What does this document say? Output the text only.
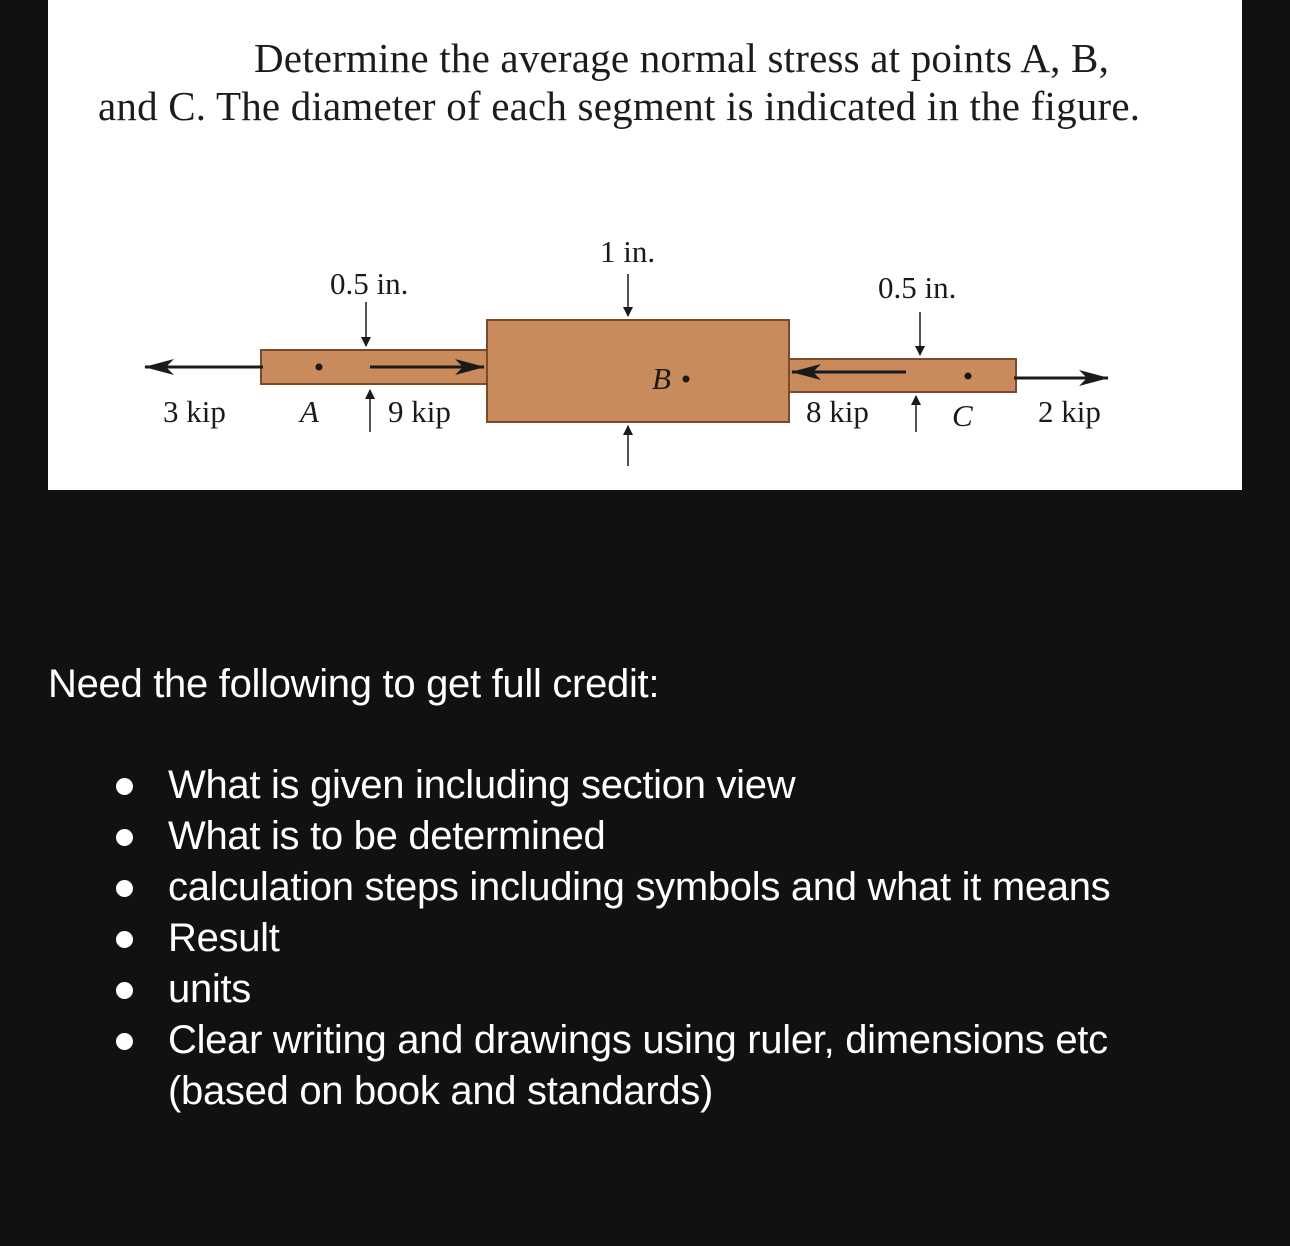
Determine the average normal stress at points A, B,

and C. The diameter of each segment is indicated in the figure.

0.5 in.
1 in.
0.5 in.
3 kip A 9 kip
B
8 kip	C 2 kip
Need the following to get full credit:
What is given including section view
What is to be determined
calculation steps including symbols and what it means
Result
units
Clear writing and drawings using ruler, dimensions etc (based on book and standards)
